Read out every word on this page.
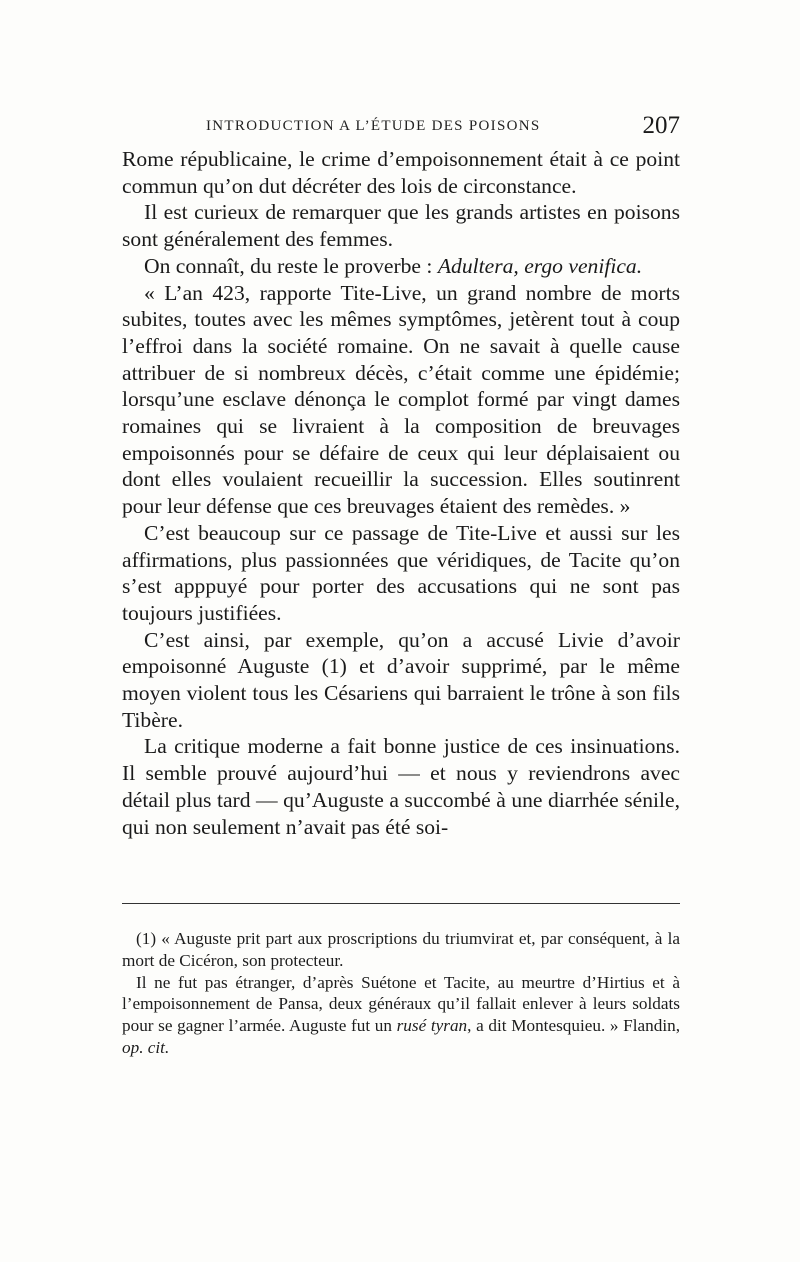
INTRODUCTION A L’ÉTUDE DES POISONS	207

Rome républicaine, le crime d’empoisonnement était à ce point commun qu’on dut décréter des lois de circonstance.

Il est curieux de remarquer que les grands artistes en poisons sont généralement des femmes.

On connaît, du reste le proverbe : Adultera, ergo venifica.

« L’an 423, rapporte Tite-Live, un grand nombre de morts subites, toutes avec les mêmes symptômes, jetèrent tout à coup l’effroi dans la société romaine. On ne savait à quelle cause attribuer de si nombreux décès, c’était comme une épidémie; lorsqu’une esclave dénonça le complot formé par vingt dames romaines qui se livraient à la composition de breuvages empoisonnés pour se défaire de ceux qui leur déplaisaient ou dont elles voulaient recueillir la succession. Elles soutinrent pour leur défense que ces breuvages étaient des remèdes. »

C’est beaucoup sur ce passage de Tite-Live et aussi sur les affirmations, plus passionnées que véridiques, de Tacite qu’on s’est apppuyé pour porter des accusations qui ne sont pas toujours justifiées.

C’est ainsi, par exemple, qu’on a accusé Livie d’avoir empoisonné Auguste (1) et d’avoir supprimé, par le même moyen violent tous les Césariens qui barraient le trône à son fils Tibère.

La critique moderne a fait bonne justice de ces insinuations. Il semble prouvé aujourd’hui — et nous y reviendrons avec détail plus tard — qu’Auguste a succombé à une diarrhée sénile, qui non seulement n’avait pas été soi-

(1) « Auguste prit part aux proscriptions du triumvirat et, par conséquent, à la mort de Cicéron, son protecteur.

Il ne fut pas étranger, d’après Suétone et Tacite, au meurtre d’Hirtius et à l’empoisonnement de Pansa, deux généraux qu’il fallait enlever à leurs soldats pour se gagner l’armée. Auguste fut un rusé tyran, a dit Montesquieu. » Flandin, op. cit.
